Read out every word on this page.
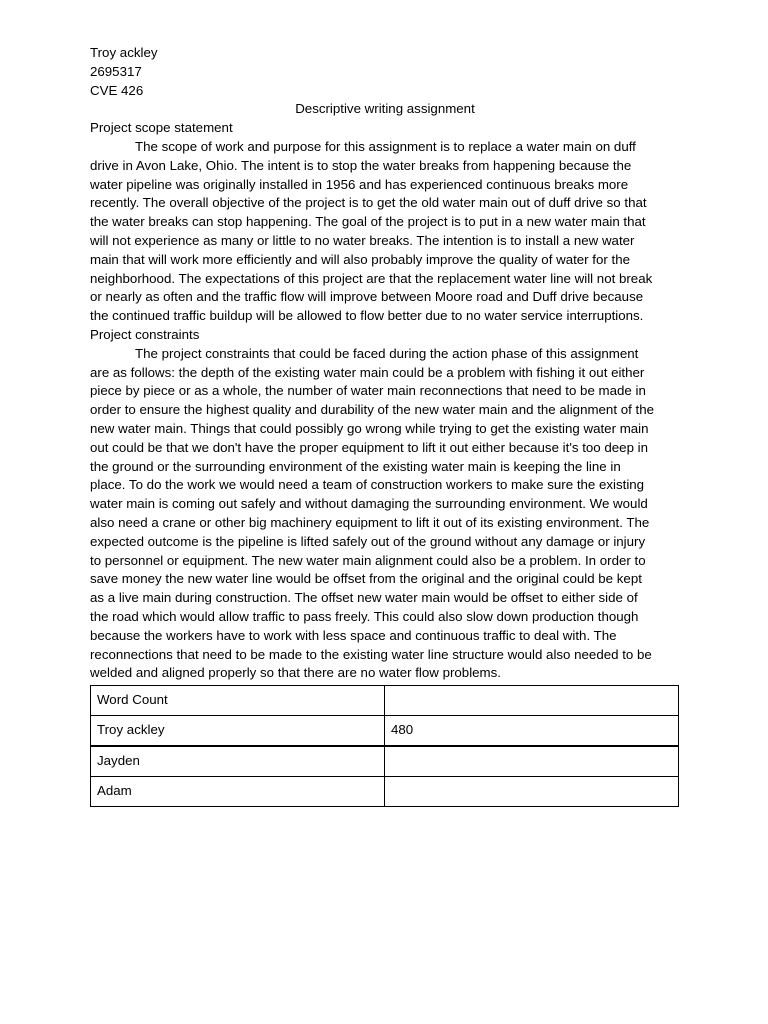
Troy ackley

2695317

CVE 426

Descriptive writing assignment

Project scope statement

The scope of work and purpose for this assignment is to replace a water main on duff

drive in Avon Lake, Ohio. The intent is to stop the water breaks from happening because the

water pipeline was originally installed in 1956 and has experienced continuous breaks more

recently. The overall objective of the project is to get the old water main out of duff drive so that

the water breaks can stop happening. The goal of the project is to put in a new water main that

will not experience as many or little to no water breaks. The intention is to install a new water

main that will work more efficiently and will also probably improve the quality of water for the

neighborhood. The expectations of this project are that the replacement water line will not break

or nearly as often and the traffic flow will improve between Moore road and Duff drive because

the continued traffic buildup will be allowed to flow better due to no water service interruptions.

Project constraints

The project constraints that could be faced during the action phase of this assignment

are as follows: the depth of the existing water main could be a problem with fishing it out either

piece by piece or as a whole, the number of water main reconnections that need to be made in

order to ensure the highest quality and durability of the new water main and the alignment of the

new water main. Things that could possibly go wrong while trying to get the existing water main

out could be that we don't have the proper equipment to lift it out either because it's too deep in

the ground or the surrounding environment of the existing water main is keeping the line in

place. To do the work we would need a team of construction workers to make sure the existing

water main is coming out safely and without damaging the surrounding environment. We would

also need a crane or other big machinery equipment to lift it out of its existing environment. The

expected outcome is the pipeline is lifted safely out of the ground without any damage or injury

to personnel or equipment. The new water main alignment could also be a problem. In order to

save money the new water line would be offset from the original and the original could be kept

as a live main during construction. The offset new water main would be offset to either side of

the road which would allow traffic to pass freely. This could also slow down production though

because the workers have to work with less space and continuous traffic to deal with. The

reconnections that need to be made to the existing water line structure would also needed to be

welded and aligned properly so that there are no water flow problems.

Word Count	
Troy ackley	480
Jayden	
Adam	
